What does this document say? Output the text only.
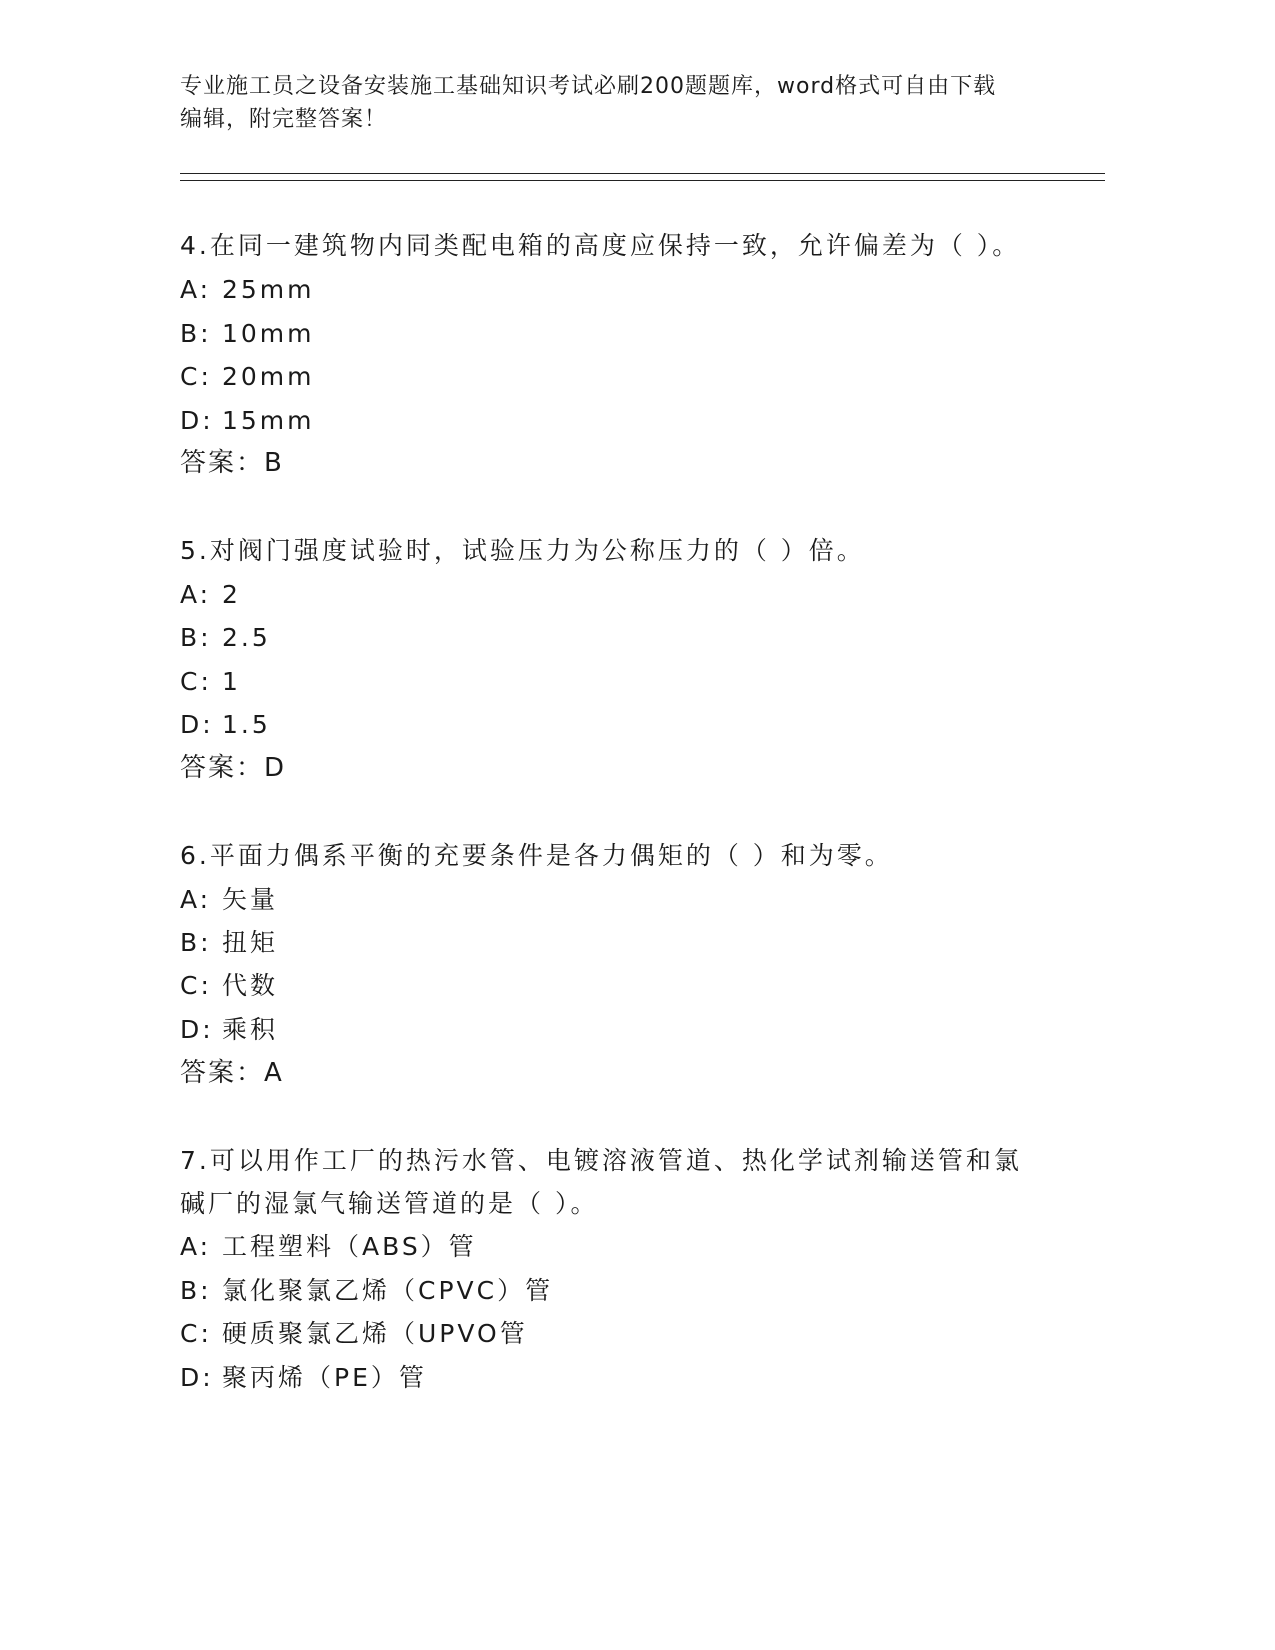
专业施工员之设备安装施工基础知识考试必刷200题题库，word格式可自由下载
编辑，附完整答案！
4.在同一建筑物内同类配电箱的高度应保持一致，允许偏差为（ ）。
A: 25mm
B: 10mm
C: 20mm
D: 15mm
答案：B
5.对阀门强度试验时，试验压力为公称压力的（ ）倍。
A: 2
B: 2.5
C: 1
D: 1.5
答案：D
6.平面力偶系平衡的充要条件是各力偶矩的（ ）和为零。
A: 矢量
B: 扭矩
C: 代数
D: 乘积
答案：A
7.可以用作工厂的热污水管、电镀溶液管道、热化学试剂输送管和氯
碱厂的湿氯气输送管道的是（ ）。
A: 工程塑料（ABS）管
B: 氯化聚氯乙烯（CPVC）管
C: 硬质聚氯乙烯（UPVO管
D: 聚丙烯（PE）管
